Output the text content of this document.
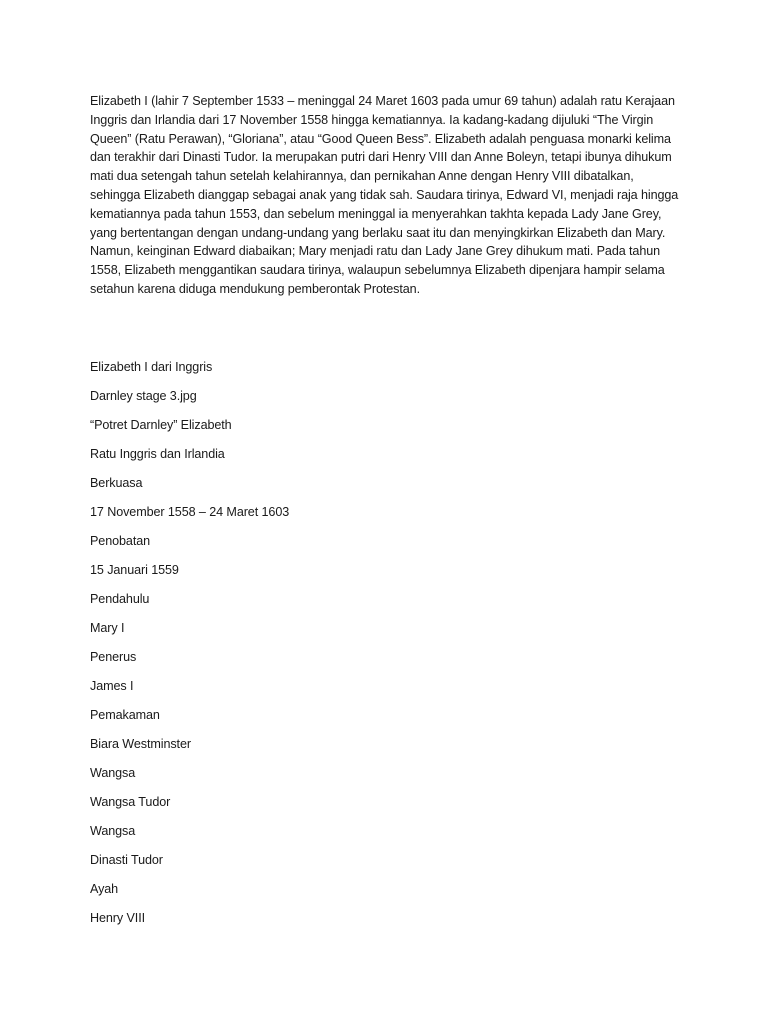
Elizabeth I (lahir 7 September 1533 – meninggal 24 Maret 1603 pada umur 69 tahun) adalah ratu Kerajaan Inggris dan Irlandia dari 17 November 1558 hingga kematiannya. Ia kadang-kadang dijuluki “The Virgin Queen” (Ratu Perawan), “Gloriana”, atau “Good Queen Bess”. Elizabeth adalah penguasa monarki kelima dan terakhir dari Dinasti Tudor. Ia merupakan putri dari Henry VIII dan Anne Boleyn, tetapi ibunya dihukum mati dua setengah tahun setelah kelahirannya, dan pernikahan Anne dengan Henry VIII dibatalkan, sehingga Elizabeth dianggap sebagai anak yang tidak sah. Saudara tirinya, Edward VI, menjadi raja hingga kematiannya pada tahun 1553, dan sebelum meninggal ia menyerahkan takhta kepada Lady Jane Grey, yang bertentangan dengan undang-undang yang berlaku saat itu dan menyingkirkan Elizabeth dan Mary. Namun, keinginan Edward diabaikan; Mary menjadi ratu dan Lady Jane Grey dihukum mati. Pada tahun 1558, Elizabeth menggantikan saudara tirinya, walaupun sebelumnya Elizabeth dipenjara hampir selama setahun karena diduga mendukung pemberontak Protestan.

Elizabeth I dari Inggris
Darnley stage 3.jpg
“Potret Darnley” Elizabeth
Ratu Inggris dan Irlandia
Berkuasa
17 November 1558 – 24 Maret 1603
Penobatan
15 Januari 1559
Pendahulu
Mary I
Penerus
James I
Pemakaman
Biara Westminster
Wangsa
Wangsa Tudor
Wangsa
Dinasti Tudor
Ayah
Henry VIII
